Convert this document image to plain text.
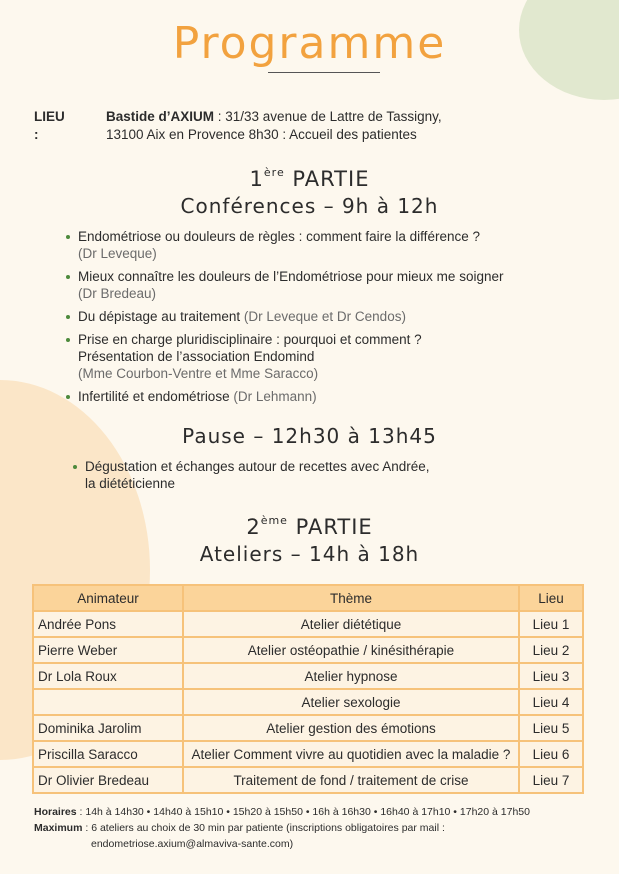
Programme
LIEU :
Bastide d’AXIUM : 31/33 avenue de Lattre de Tassigny,
13100 Aix en Provence 8h30 : Accueil des patientes
1ère PARTIE
Conférences – 9h à 12h
Endométriose ou douleurs de règles : comment faire la différence ?
(Dr Leveque)
Mieux connaître les douleurs de l’Endométriose pour mieux me soigner
(Dr Bredeau)
Du dépistage au traitement (Dr Leveque et Dr Cendos)
Prise en charge pluridisciplinaire : pourquoi et comment ?
Présentation de l’association Endomind
(Mme Courbon-Ventre et Mme Saracco)
Infertilité et endométriose (Dr Lehmann)
Pause – 12h30 à 13h45
Dégustation et échanges autour de recettes avec Andrée,
la diététicienne
2ème PARTIE
Ateliers – 14h à 18h
Animateur	Thème	Lieu
Andrée Pons	Atelier diététique	Lieu 1
Pierre Weber	Atelier ostéopathie / kinésithérapie	Lieu 2
Dr Lola Roux	Atelier hypnose	Lieu 3
	Atelier sexologie	Lieu 4
Dominika Jarolim	Atelier gestion des émotions	Lieu 5
Priscilla Saracco	Atelier Comment vivre au quotidien avec la maladie ?	Lieu 6
Dr Olivier Bredeau	Traitement de fond / traitement de crise	Lieu 7
Horaires : 14h à 14h30 • 14h40 à 15h10 • 15h20 à 15h50 • 16h à 16h30 • 16h40 à 17h10 • 17h20 à 17h50
Maximum : 6 ateliers au choix de 30 min par patiente (inscriptions obligatoires par mail :
endometriose.axium@almaviva-sante.com)
